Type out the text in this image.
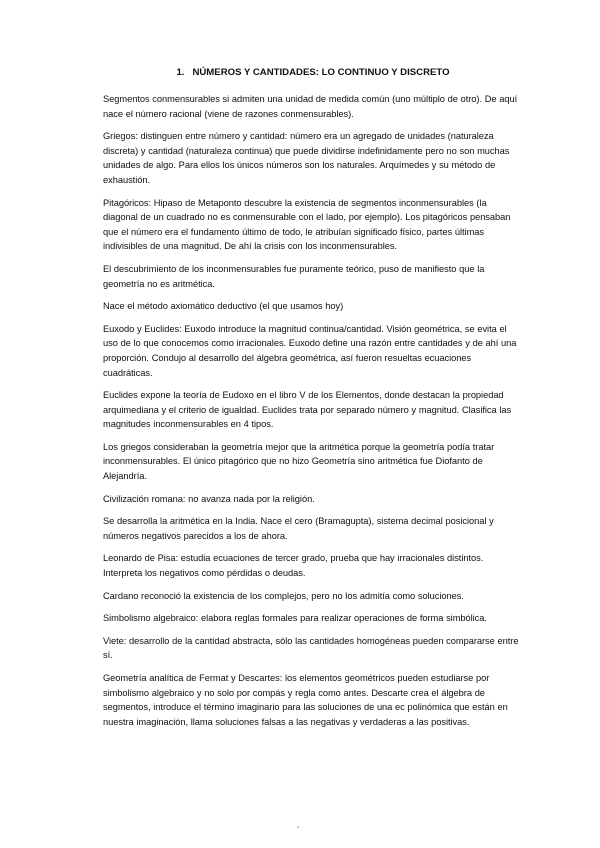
1. NÚMEROS Y CANTIDADES: LO CONTINUO Y DISCRETO

Segmentos conmensurables si admiten una unidad de medida común (uno múltiplo de otro). De aquí nace el número racional (viene de razones conmensurables).

Griegos: distinguen entre número y cantidad: número era un agregado de unidades (naturaleza discreta) y cantidad (naturaleza continua) que puede dividirse indefinidamente pero no son muchas unidades de algo. Para ellos los únicos números son los naturales. Arquímedes y su método de exhaustión.

Pitagóricos: Hipaso de Metaponto descubre la existencia de segmentos inconmensurables (la diagonal de un cuadrado no es conmensurable con el lado, por ejemplo). Los pitagóricos pensaban que el número era el fundamento último de todo, le atribuían significado físico, partes últimas indivisibles de una magnitud. De ahí la crisis con los inconmensurables.

El descubrimiento de los inconmensurables fue puramente teórico, puso de manifiesto que la geometría no es aritmética.

Nace el método axiomático deductivo (el que usamos hoy)

Euxodo y Euclides: Euxodo introduce la magnitud continua/cantidad. Visión geométrica, se evita el uso de lo que conocemos como irracionales. Euxodo define una razón entre cantidades y de ahí una proporción. Condujo al desarrollo del álgebra geométrica, así fueron resueltas ecuaciones cuadráticas.

Euclides expone la teoría de Eudoxo en el libro V de los Elementos, donde destacan la propiedad arquimediana y el criterio de igualdad. Euclides trata por separado número y magnitud. Clasifica las magnitudes inconmensurables en 4 tipos.

Los griegos consideraban la geometría mejor que la aritmética porque la geometría podía tratar inconmensurables. El único pitagórico que no hizo Geometría sino aritmética fue Diofanto de Alejandría.

Civilización romana: no avanza nada por la religión.

Se desarrolla la aritmética en la India. Nace el cero (Bramagupta), sistema decimal posicional y números negativos parecidos a los de ahora.

Leonardo de Pisa: estudia ecuaciones de tercer grado, prueba que hay irracionales distintos. Interpreta los negativos como pérdidas o deudas.

Cardano reconoció la existencia de los complejos, pero no los admitía como soluciones.

Simbolismo algebraico: elabora reglas formales para realizar operaciones de forma simbólica.

Viete: desarrollo de la cantidad abstracta, sólo las cantidades homogéneas pueden compararse entre sí.

Geometría analítica de Fermat y Descartes: los elementos geométricos pueden estudiarse por simbolismo algebraico y no solo por compás y regla como antes. Descarte crea el álgebra de segmentos, introduce el término imaginario para las soluciones de una ec polinómica que están en nuestra imaginación, llama soluciones falsas a las negativas y verdaderas a las positivas.
